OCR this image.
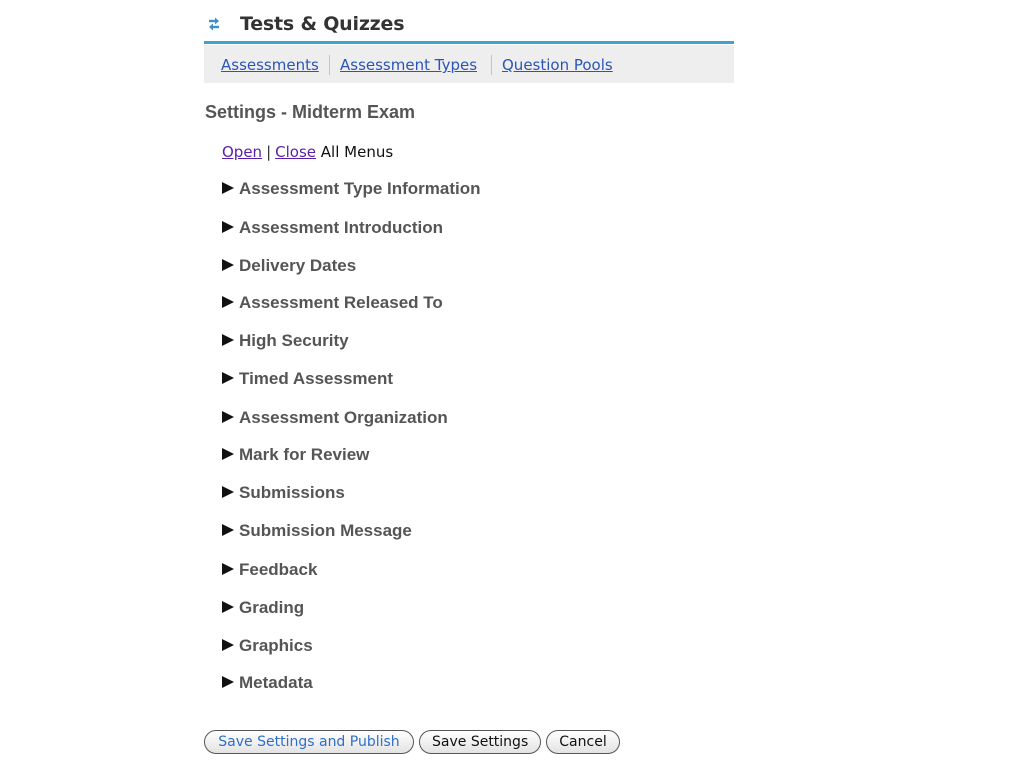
Tests & Quizzes
Assessments Assessment Types Question Pools
Settings - Midterm Exam
Open | Close All Menus
Assessment Type Information
Assessment Introduction
Delivery Dates
Assessment Released To
High Security
Timed Assessment
Assessment Organization
Mark for Review
Submissions
Submission Message
Feedback
Grading
Graphics
Metadata
Save Settings and Publish	Save Settings	Cancel
